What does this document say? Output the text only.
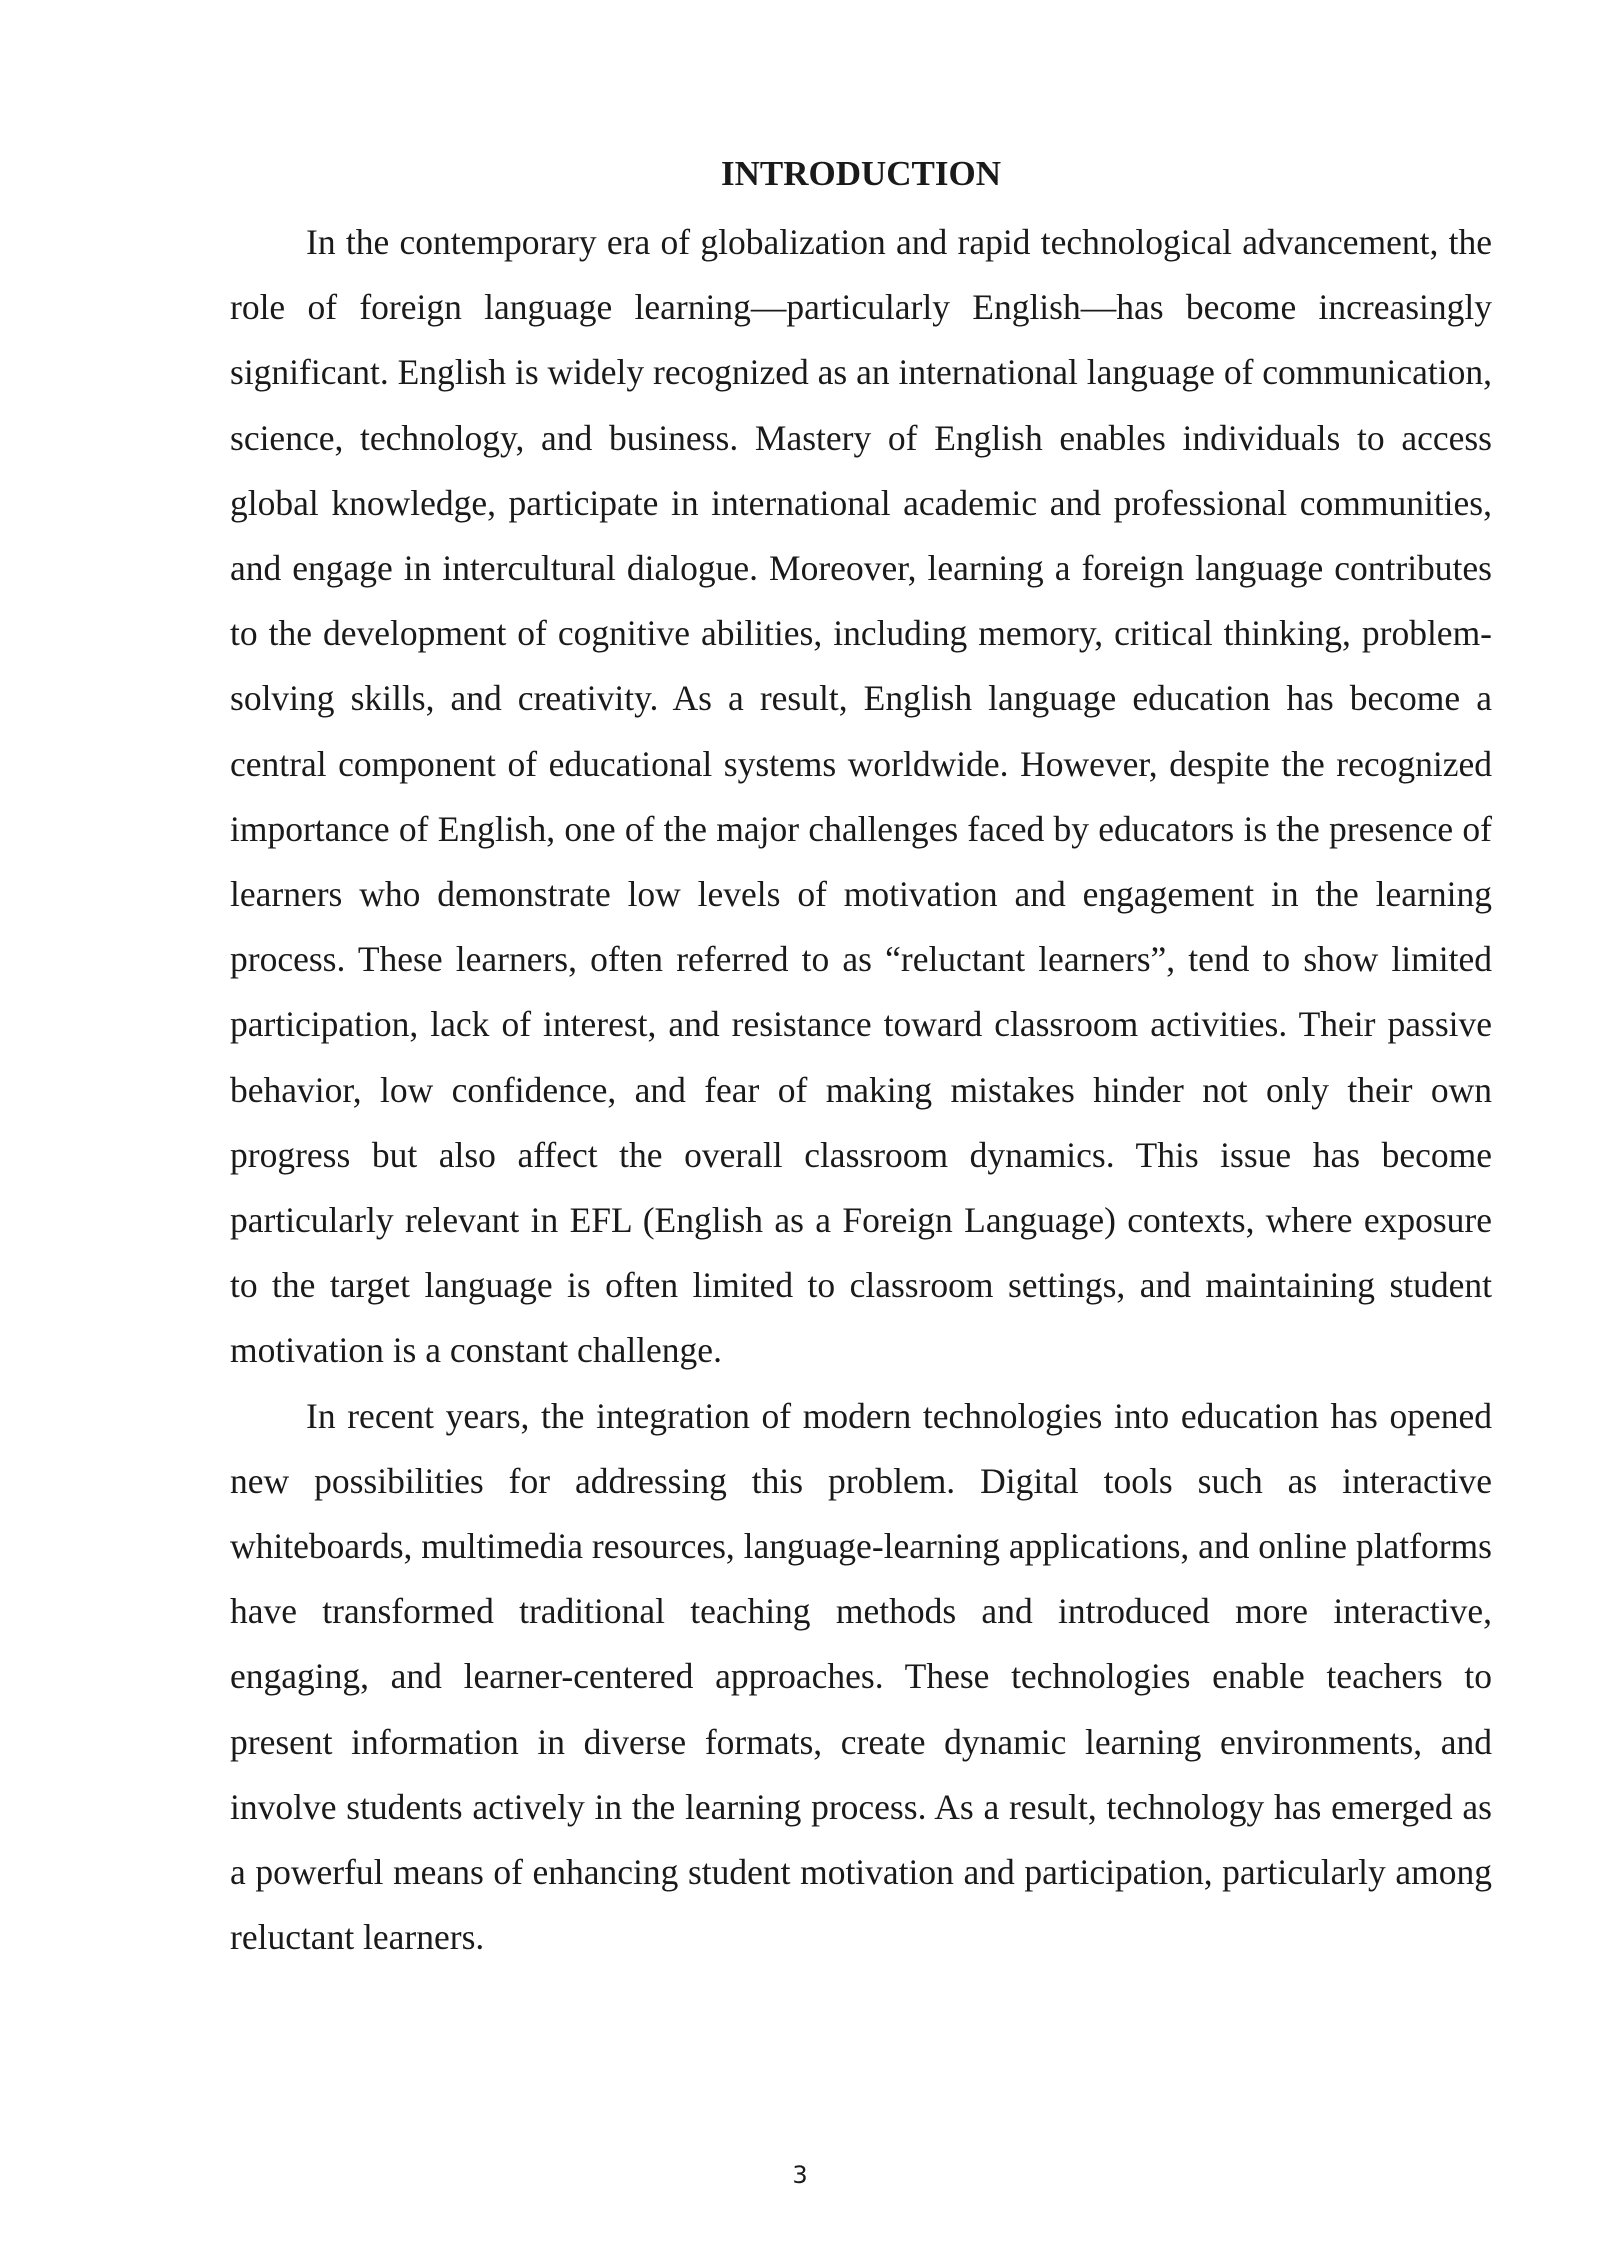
INTRODUCTION

In the contemporary era of globalization and rapid technological advancement, the role of foreign language learning—particularly English—has become increasingly significant. English is widely recognized as an international language of communication, science, technology, and business. Mastery of English enables individuals to access global knowledge, participate in international academic and professional communities, and engage in intercultural dialogue. Moreover, learning a foreign language contributes to the development of cognitive abilities, including memory, critical thinking, problem-solving skills, and creativity. As a result, English language education has become a central component of educational systems worldwide. However, despite the recognized importance of English, one of the major challenges faced by educators is the presence of learners who demonstrate low levels of motivation and engagement in the learning process. These learners, often referred to as “reluctant learners”, tend to show limited participation, lack of interest, and resistance toward classroom activities. Their passive behavior, low confidence, and fear of making mistakes hinder not only their own progress but also affect the overall classroom dynamics. This issue has become particularly relevant in EFL (English as a Foreign Language) contexts, where exposure to the target language is often limited to classroom settings, and maintaining student motivation is a constant challenge.

In recent years, the integration of modern technologies into education has opened new possibilities for addressing this problem. Digital tools such as interactive whiteboards, multimedia resources, language-learning applications, and online platforms have transformed traditional teaching methods and introduced more interactive, engaging, and learner-centered approaches. These technologies enable teachers to present information in diverse formats, create dynamic learning environments, and involve students actively in the learning process. As a result, technology has emerged as a powerful means of enhancing student motivation and participation, particularly among reluctant learners.

3
